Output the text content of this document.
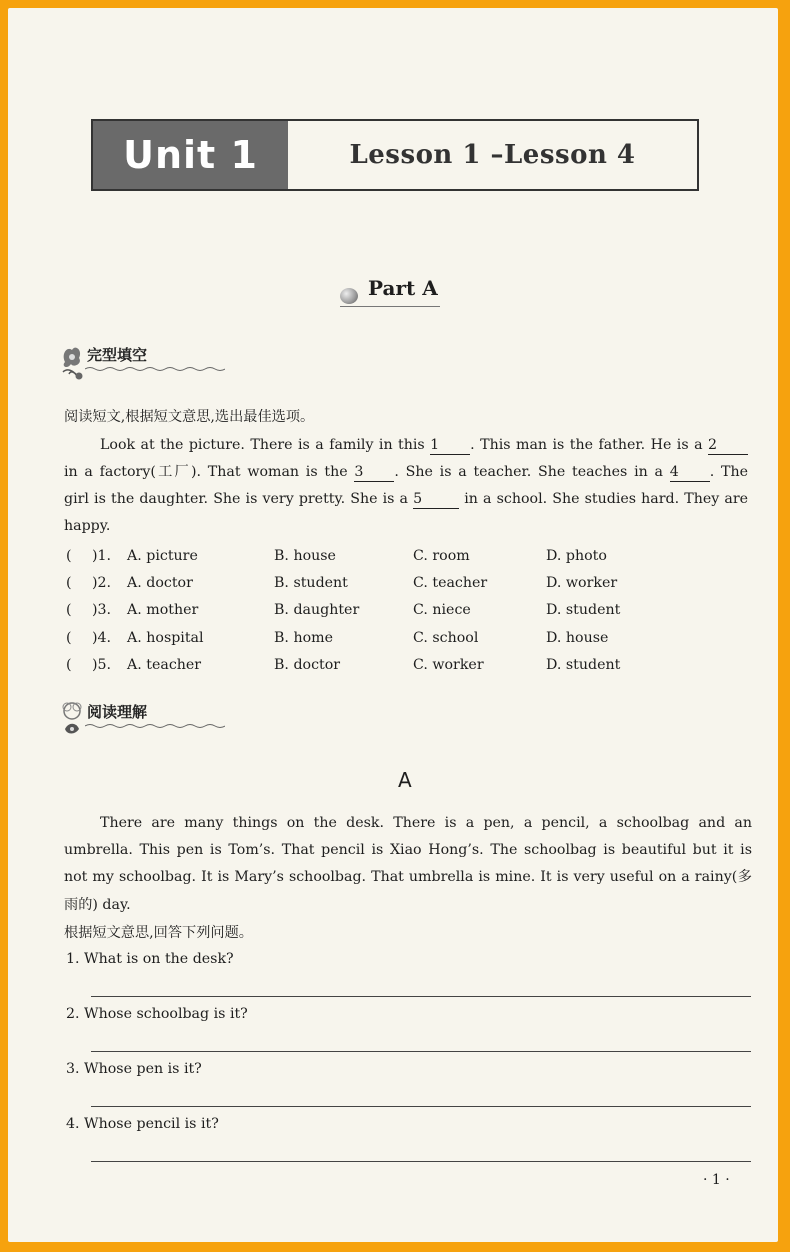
Unit 1	Lesson 1 –Lesson 4
Part A
完型填空
阅读短文,根据短文意思,选出最佳选项。
Look at the picture. There is a family in this 1 . This man is the father. He is a 2
in a factory(工厂). That woman is the 3 . She is a teacher. She teaches in a 4 . The
girl is the daughter. She is very pretty. She is a 5	in a school. She studies hard. They are
happy.
( )1. A. picture	B. house	C. room	D. photo
( )2. A. doctor	B. student	C. teacher	D. worker
( )3. A. mother	B. daughter	C. niece	D. student
( )4. A. hospital	B. home	C. school	D. house
( )5. A. teacher	B. doctor	C. worker	D. student
阅读理解
A
There are many things on the desk. There is a pen, a pencil, a schoolbag and an
umbrella. This pen is Tom’s. That pencil is Xiao Hong’s. The schoolbag is beautiful but it is
not my schoolbag. It is Mary’s schoolbag. That umbrella is mine. It is very useful on a rainy(多
雨的) day.
根据短文意思,回答下列问题。
1. What is on the desk?
2. Whose schoolbag is it?
3. Whose pen is it?
4. Whose pencil is it?
· 1 ·
